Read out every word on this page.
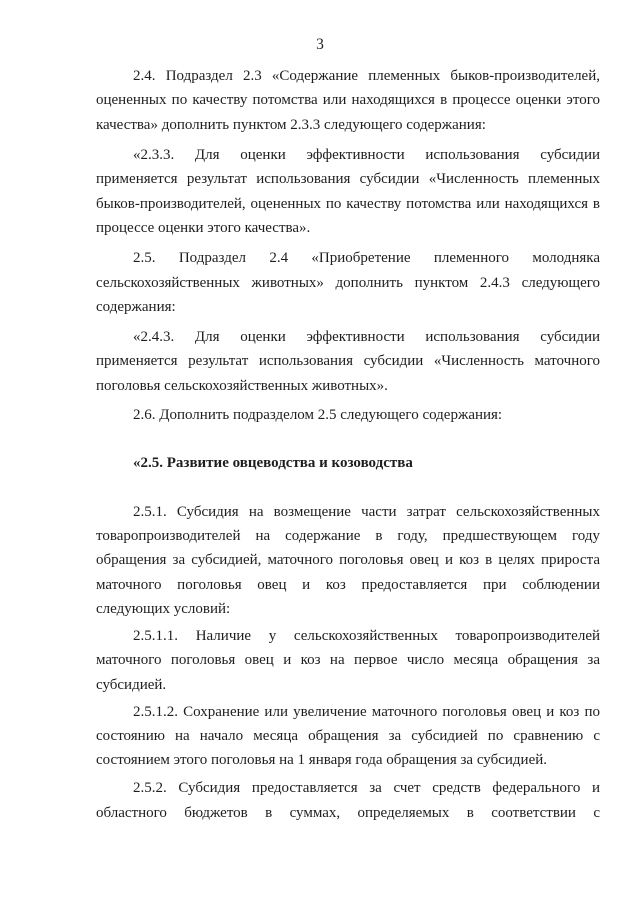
3
2.4. Подраздел 2.3 «Содержание племенных быков-производителей,
оцененных по качеству потомства или находящихся в процессе оценки этого
качества» дополнить пунктом 2.3.3 следующего содержания:
«2.3.3. Для оценки эффективности использования субсидии
применяется результат использования субсидии «Численность племенных
быков-производителей, оцененных по качеству потомства или находящихся в
процессе оценки этого качества».
2.5. Подраздел 2.4 «Приобретение племенного молодняка
сельскохозяйственных животных» дополнить пунктом 2.4.3 следующего
содержания:
«2.4.3. Для оценки эффективности использования субсидии
применяется результат использования субсидии «Численность маточного
поголовья сельскохозяйственных животных».
2.6. Дополнить подразделом 2.5 следующего содержания:
«2.5. Развитие овцеводства и козоводства
2.5.1. Субсидия на возмещение части затрат сельскохозяйственных
товаропроизводителей на содержание в году, предшествующем году
обращения за субсидией, маточного поголовья овец и коз в целях прироста
маточного поголовья овец и коз предоставляется при соблюдении
следующих условий:
2.5.1.1. Наличие у сельскохозяйственных товаропроизводителей
маточного поголовья овец и коз на первое число месяца обращения за
субсидией.
2.5.1.2. Сохранение или увеличение маточного поголовья овец и коз по
состоянию на начало месяца обращения за субсидией по сравнению с
состоянием этого поголовья на 1 января года обращения за субсидией.
2.5.2. Субсидия предоставляется за счет средств федерального и
областного бюджетов в суммах, определяемых в соответствии с
